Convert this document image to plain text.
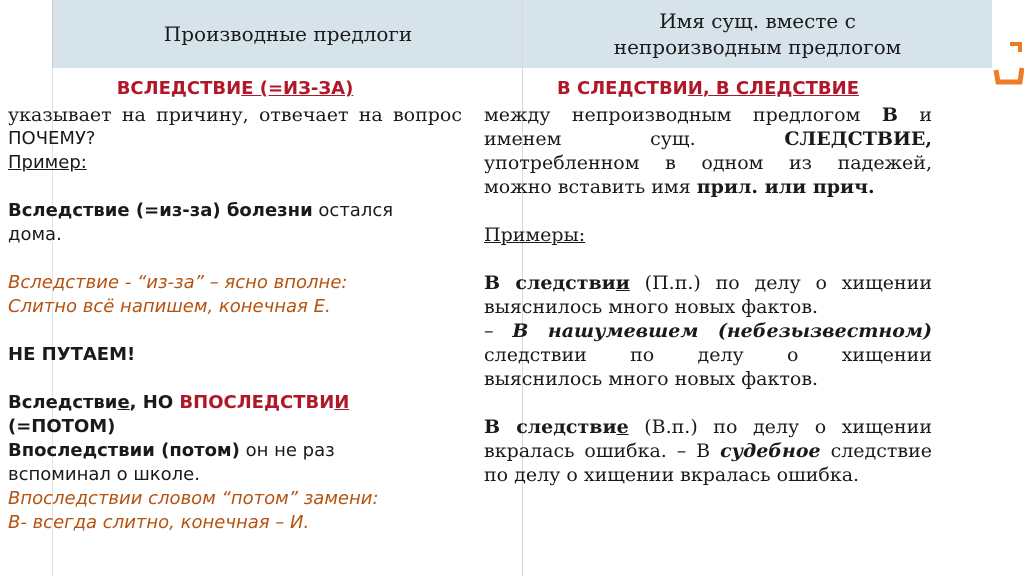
Производные предлоги
Имя сущ. вместе с непроизводным предлогом

ВСЛЕДСТВИЕ (=ИЗ-ЗА)

указывает на причину, отвечает на вопрос

ПОЧЕМУ?

Пример:

Вследствие (=из-за) болезни остался

дома.

Вследствие - “из-за” – ясно вполне:

Слитно всё напишем, конечная Е.

НЕ ПУТАЕМ!

Вследствие, НО ВПОСЛЕДСТВИИ

(=ПОТОМ)

Впоследствии (потом) он не раз

вспоминал о школе.

Впоследствии словом “потом” замени:

В- всегда слитно, конечная – И.

В СЛЕДСТВИИ, В СЛЕДСТВИЕ

между непроизводным предлогом В и

именем сущ. СЛЕДСТВИЕ,

употребленном в одном из падежей,

можно вставить имя прил. или прич.

Примеры:

В следствии (П.п.) по делу о хищении

выяснилось много новых фактов.

– В нашумевшем (небезызвестном)

следствии по делу о хищении

выяснилось много новых фактов.

В следствие (В.п.) по делу о хищении

вкралась ошибка. – В судебное следствие

по делу о хищении вкралась ошибка.
